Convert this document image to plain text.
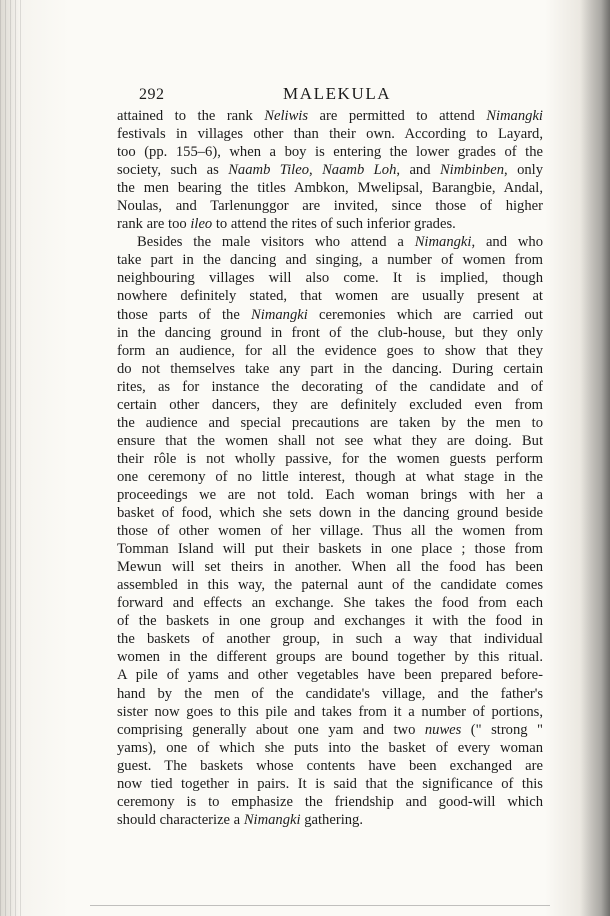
292	MALEKULA

attained to the rank Neliwis are permitted to attend Nimangki
festivals in villages other than their own. According to Layard,
too (pp. 155–6), when a boy is entering the lower grades of the
society, such as Naamb Tileo, Naamb Loh, and Nimbinben, only
the men bearing the titles Ambkon, Mwelipsal, Barangbie, Andal,
Noulas, and Tarlenunggor are invited, since those of higher
rank are too ileo to attend the rites of such inferior grades.

Besides the male visitors who attend a Nimangki, and who
take part in the dancing and singing, a number of women from
neighbouring villages will also come. It is implied, though
nowhere definitely stated, that women are usually present at
those parts of the Nimangki ceremonies which are carried out
in the dancing ground in front of the club-house, but they only
form an audience, for all the evidence goes to show that they
do not themselves take any part in the dancing. During certain
rites, as for instance the decorating of the candidate and of
certain other dancers, they are definitely excluded even from
the audience and special precautions are taken by the men to
ensure that the women shall not see what they are doing. But
their rôle is not wholly passive, for the women guests perform
one ceremony of no little interest, though at what stage in the
proceedings we are not told. Each woman brings with her a
basket of food, which she sets down in the dancing ground beside
those of other women of her village. Thus all the women from
Tomman Island will put their baskets in one place ; those from
Mewun will set theirs in another. When all the food has been
assembled in this way, the paternal aunt of the candidate comes
forward and effects an exchange. She takes the food from each
of the baskets in one group and exchanges it with the food in
the baskets of another group, in such a way that individual
women in the different groups are bound together by this ritual.
A pile of yams and other vegetables have been prepared before-
hand by the men of the candidate's village, and the father's
sister now goes to this pile and takes from it a number of portions,
comprising generally about one yam and two nuwes (" strong "
yams), one of which she puts into the basket of every woman
guest. The baskets whose contents have been exchanged are
now tied together in pairs. It is said that the significance of this
ceremony is to emphasize the friendship and good-will which
should characterize a Nimangki gathering.
